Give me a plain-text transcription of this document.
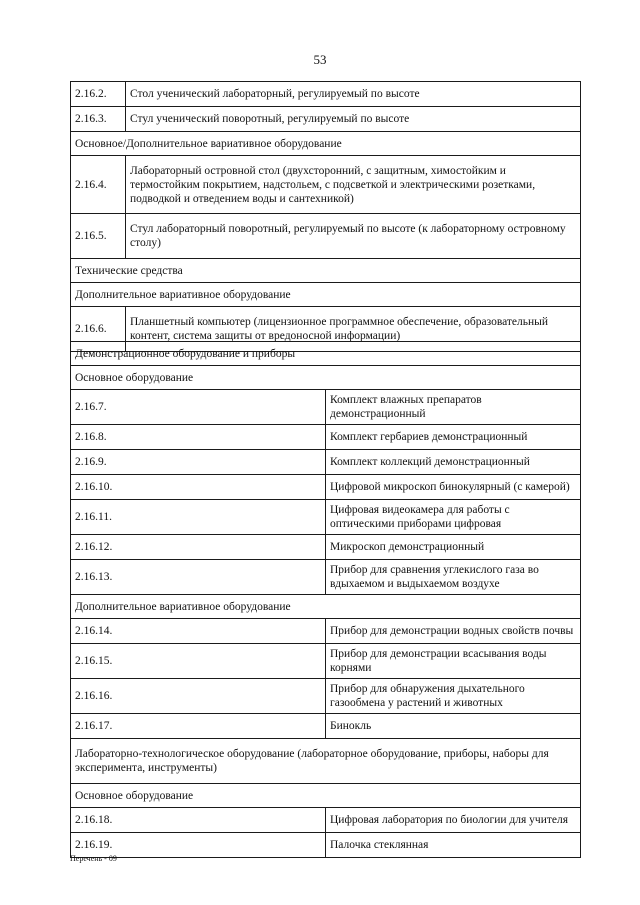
53
2.16.2.	Стол ученический лабораторный, регулируемый по высоте
2.16.3.	Стул ученический поворотный, регулируемый по высоте
Основное/Дополнительное вариативное оборудование	
2.16.4.	Лабораторный островной стол (двухсторонний, с защитным, химостойким и термостойким покрытием, надстольем, с подсветкой и электрическими розетками, подводкой и отведением воды и сантехникой)
2.16.5.	Стул лабораторный поворотный, регулируемый по высоте (к лабораторному островному столу)
Технические средства	
Дополнительное вариативное оборудование	
2.16.6.	Планшетный компьютер (лицензионное программное обеспечение, образовательный контент, система защиты от вредоносной информации)
Демонстрационное оборудование и приборы	
Основное оборудование	
2.16.7.	Комплект влажных препаратов демонстрационный
2.16.8.	Комплект гербариев демонстрационный
2.16.9.	Комплект коллекций демонстрационный
2.16.10.	Цифровой микроскоп бинокулярный (с камерой)
2.16.11.	Цифровая видеокамера для работы с оптическими приборами цифровая
2.16.12.	Микроскоп демонстрационный
2.16.13.	Прибор для сравнения углекислого газа во вдыхаемом и выдыхаемом воздухе
Дополнительное вариативное оборудование	
2.16.14.	Прибор для демонстрации водных свойств почвы
2.16.15.	Прибор для демонстрации всасывания воды корнями
2.16.16.	Прибор для обнаружения дыхательного газообмена у растений и животных
2.16.17.	Бинокль
Лабораторно-технологическое оборудование (лабораторное оборудование, приборы, наборы для эксперимента, инструменты)	
Основное оборудование	
2.16.18.	Цифровая лаборатория по биологии для учителя
2.16.19.	Палочка стеклянная
Перечень - 09
